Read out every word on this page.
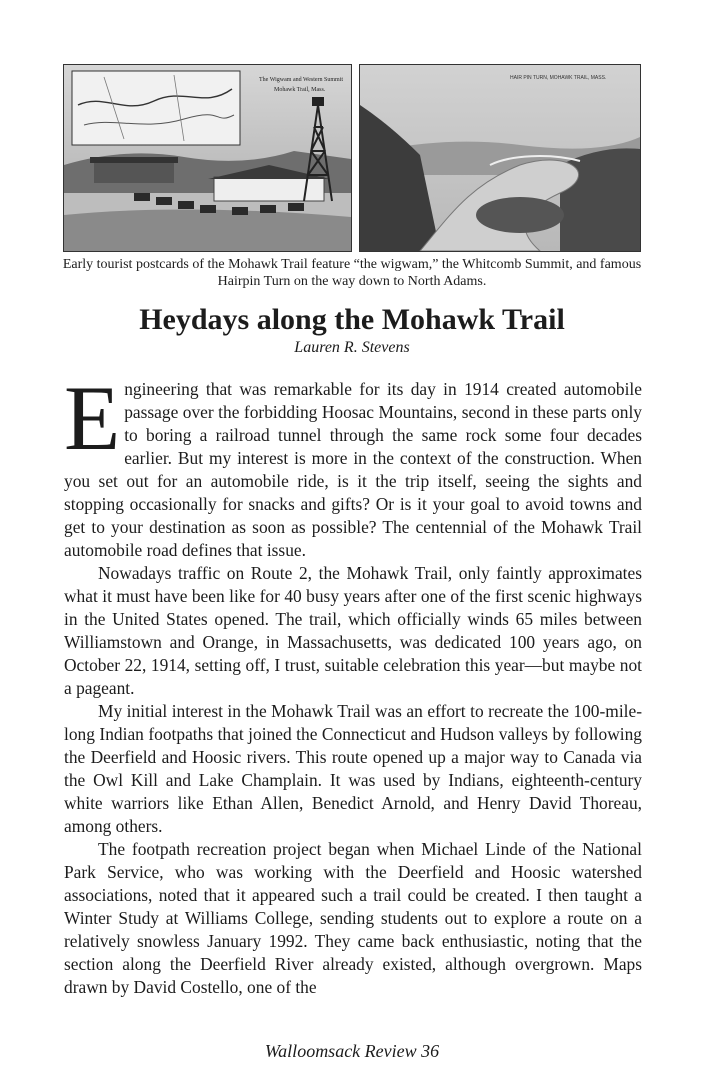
The Wigwam and Western Summit
Mohawk Trail, Mass.
HAIR PIN TURN, MOHAWK TRAIL, MASS.
Early tourist postcards of the Mohawk Trail feature “the wigwam,” the Whitcomb Summit, and famous Hairpin Turn on the way down to North Adams.
Heydays along the Mohawk Trail
Lauren R. Stevens

Engineering that was remarkable for its day in 1914 created automobile passage over the forbidding Hoosac Mountains, second in these parts only to boring a railroad tunnel through the same rock some four decades earlier. But my interest is more in the context of the construction. When you set out for an automobile ride, is it the trip itself, seeing the sights and stopping occasionally for snacks and gifts? Or is it your goal to avoid towns and get to your destination as soon as possible? The centennial of the Mohawk Trail automobile road defines that issue.

Nowadays traffic on Route 2, the Mohawk Trail, only faintly approximates what it must have been like for 40 busy years after one of the first scenic highways in the United States opened. The trail, which officially winds 65 miles between Williamstown and Orange, in Massachusetts, was dedicated 100 years ago, on October 22, 1914, setting off, I trust, suitable celebration this year—but maybe not a pageant.

My initial interest in the Mohawk Trail was an effort to recreate the 100-mile-long Indian footpaths that joined the Connecticut and Hudson valleys by following the Deerfield and Hoosic rivers. This route opened up a major way to Canada via the Owl Kill and Lake Champlain. It was used by Indians, eighteenth-century white warriors like Ethan Allen, Benedict Arnold, and Henry David Thoreau, among others.

The footpath recreation project began when Michael Linde of the National Park Service, who was working with the Deerfield and Hoosic watershed associations, noted that it appeared such a trail could be created. I then taught a Winter Study at Williams College, sending students out to explore a route on a relatively snowless January 1992. They came back enthusiastic, noting that the section along the Deerfield River already existed, although overgrown. Maps drawn by David Costello, one of the

Walloomsack Review 36
